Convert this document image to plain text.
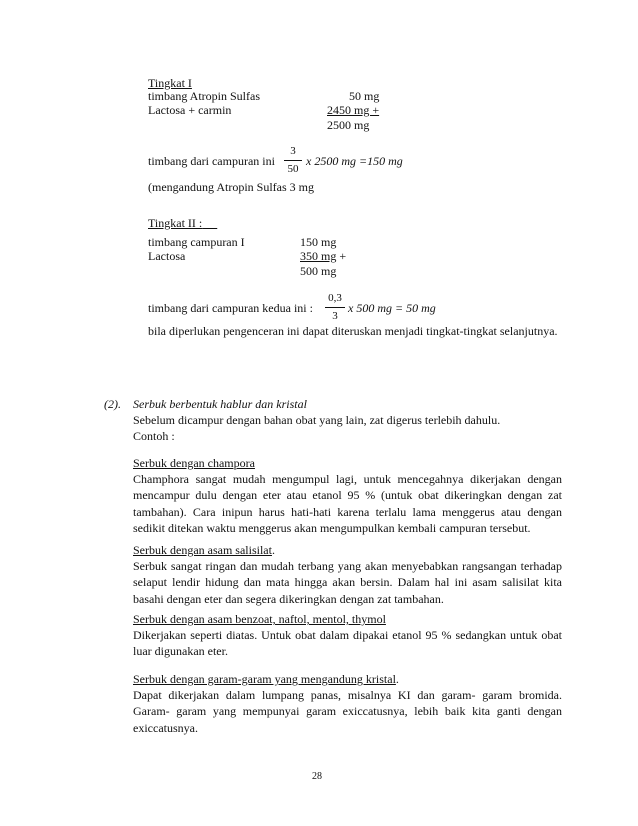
Tingkat I
timbang Atropin Sulfas	50 mg
Lactosa + carmin	2450 mg +
2500 mg
timbang dari campuran ini
3
50
x 2500 mg =150 mg
(mengandung Atropin Sulfas 3 mg
Tingkat II :
timbang campuran I	150 mg
Lactosa	350 mg +
500 mg
timbang dari campuran kedua ini :
0,3
3
x 500 mg = 50 mg
bila diperlukan pengenceran ini dapat diteruskan menjadi tingkat-tingkat selanjutnya.
(2). Serbuk berbentuk hablur dan kristal
Sebelum dicampur dengan bahan obat yang lain, zat digerus terlebih dahulu.
Contoh :
Serbuk dengan champora
Champhora sangat mudah mengumpul lagi, untuk mencegahnya dikerjakan dengan mencampur dulu dengan eter atau etanol 95 % (untuk obat dikeringkan dengan zat tambahan). Cara inipun harus hati-hati karena terlalu lama menggerus atau dengan sedikit ditekan waktu menggerus akan mengumpulkan kembali campuran tersebut.
Serbuk dengan asam salisilat.
Serbuk sangat ringan dan mudah terbang yang akan menyebabkan rangsangan terhadap selaput lendir hidung dan mata hingga akan bersin. Dalam hal ini asam salisilat kita basahi dengan eter dan segera dikeringkan dengan zat tambahan.
Serbuk dengan asam benzoat, naftol, mentol, thymol
Dikerjakan seperti diatas. Untuk obat dalam dipakai etanol 95 % sedangkan untuk obat luar digunakan eter.
Serbuk dengan garam-garam yang mengandung kristal.
Dapat dikerjakan dalam lumpang panas, misalnya KI dan garam- garam bromida. Garam- garam yang mempunyai garam exiccatusnya, lebih baik kita ganti dengan exiccatusnya.
28
